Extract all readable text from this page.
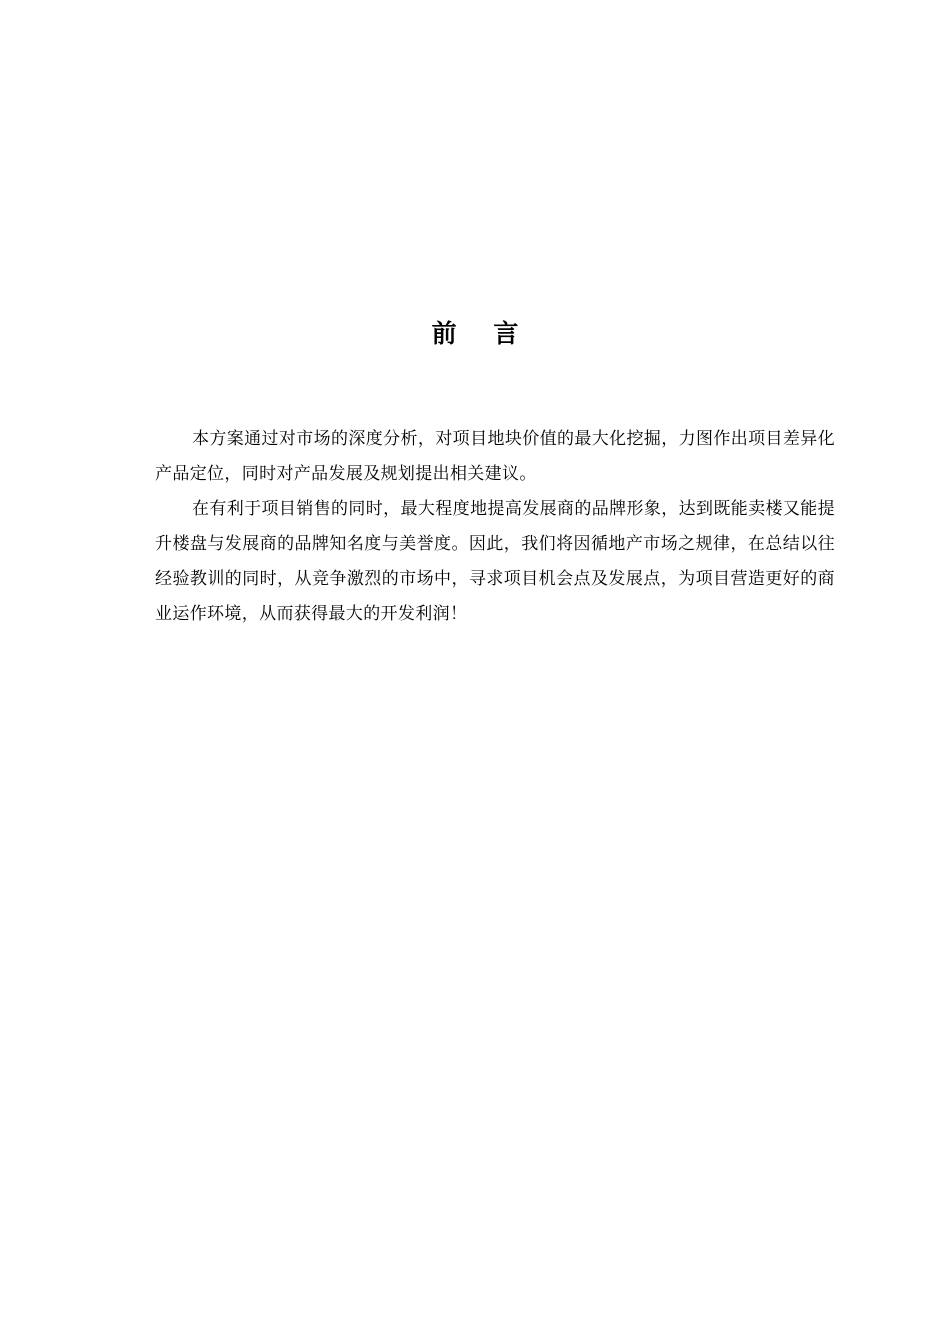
前 言

本方案通过对市场的深度分析，对项目地块价值的最大化挖掘，力图作出项目差异化产品定位，同时对产品发展及规划提出相关建议。

在有利于项目销售的同时，最大程度地提高发展商的品牌形象，达到既能卖楼又能提升楼盘与发展商的品牌知名度与美誉度。因此，我们将因循地产市场之规律，在总结以往经验教训的同时，从竞争激烈的市场中，寻求项目机会点及发展点，为项目营造更好的商业运作环境，从而获得最大的开发利润！
